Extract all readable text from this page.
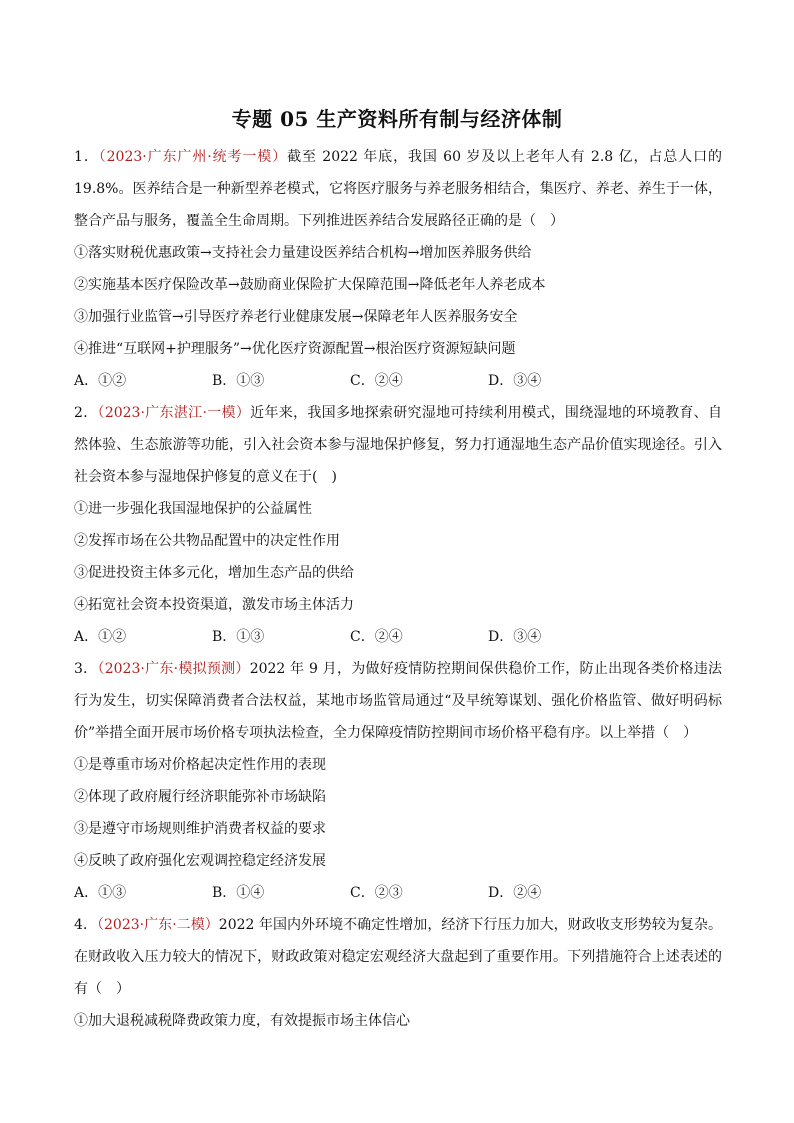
专题 05 生产资料所有制与经济体制
1．（2023·广东广州·统考一模）截至 2022 年底，我国 60 岁及以上老年人有 2.8 亿，占总人口的 19.8%。医养结合是一种新型养老模式，它将医疗服务与养老服务相结合，集医疗、养老、养生于一体，整合产品与服务，覆盖全生命周期。下列推进医养结合发展路径正确的是（　）
①落实财税优惠政策→支持社会力量建设医养结合机构→增加医养服务供给
②实施基本医疗保险改革→鼓励商业保险扩大保障范围→降低老年人养老成本
③加强行业监管→引导医疗养老行业健康发展→保障老年人医养服务安全
④推进“互联网+护理服务”→优化医疗资源配置→根治医疗资源短缺问题
A．①②	B．①③	C．②④	D．③④
2．（2023·广东湛江·一模）近年来，我国多地探索研究湿地可持续利用模式，围绕湿地的环境教育、自然体验、生态旅游等功能，引入社会资本参与湿地保护修复，努力打通湿地生态产品价值实现途径。引入社会资本参与湿地保护修复的意义在于(　)
①进一步强化我国湿地保护的公益属性
②发挥市场在公共物品配置中的决定性作用
③促进投资主体多元化，增加生态产品的供给
④拓宽社会资本投资渠道，激发市场主体活力
A．①②	B．①③	C．②④	D．③④
3．（2023·广东·模拟预测）2022 年 9 月，为做好疫情防控期间保供稳价工作，防止出现各类价格违法行为发生，切实保障消费者合法权益，某地市场监管局通过“及早统筹谋划、强化价格监管、做好明码标价”举措全面开展市场价格专项执法检查，全力保障疫情防控期间市场价格平稳有序。以上举措（　）
①是尊重市场对价格起决定性作用的表现
②体现了政府履行经济职能弥补市场缺陷
③是遵守市场规则维护消费者权益的要求
④反映了政府强化宏观调控稳定经济发展
A．①③	B．①④	C．②③	D．②④
4．（2023·广东·二模）2022 年国内外环境不确定性增加，经济下行压力加大，财政收支形势较为复杂。在财政收入压力较大的情况下，财政政策对稳定宏观经济大盘起到了重要作用。下列措施符合上述表述的有（　）
①加大退税减税降费政策力度，有效提振市场主体信心
